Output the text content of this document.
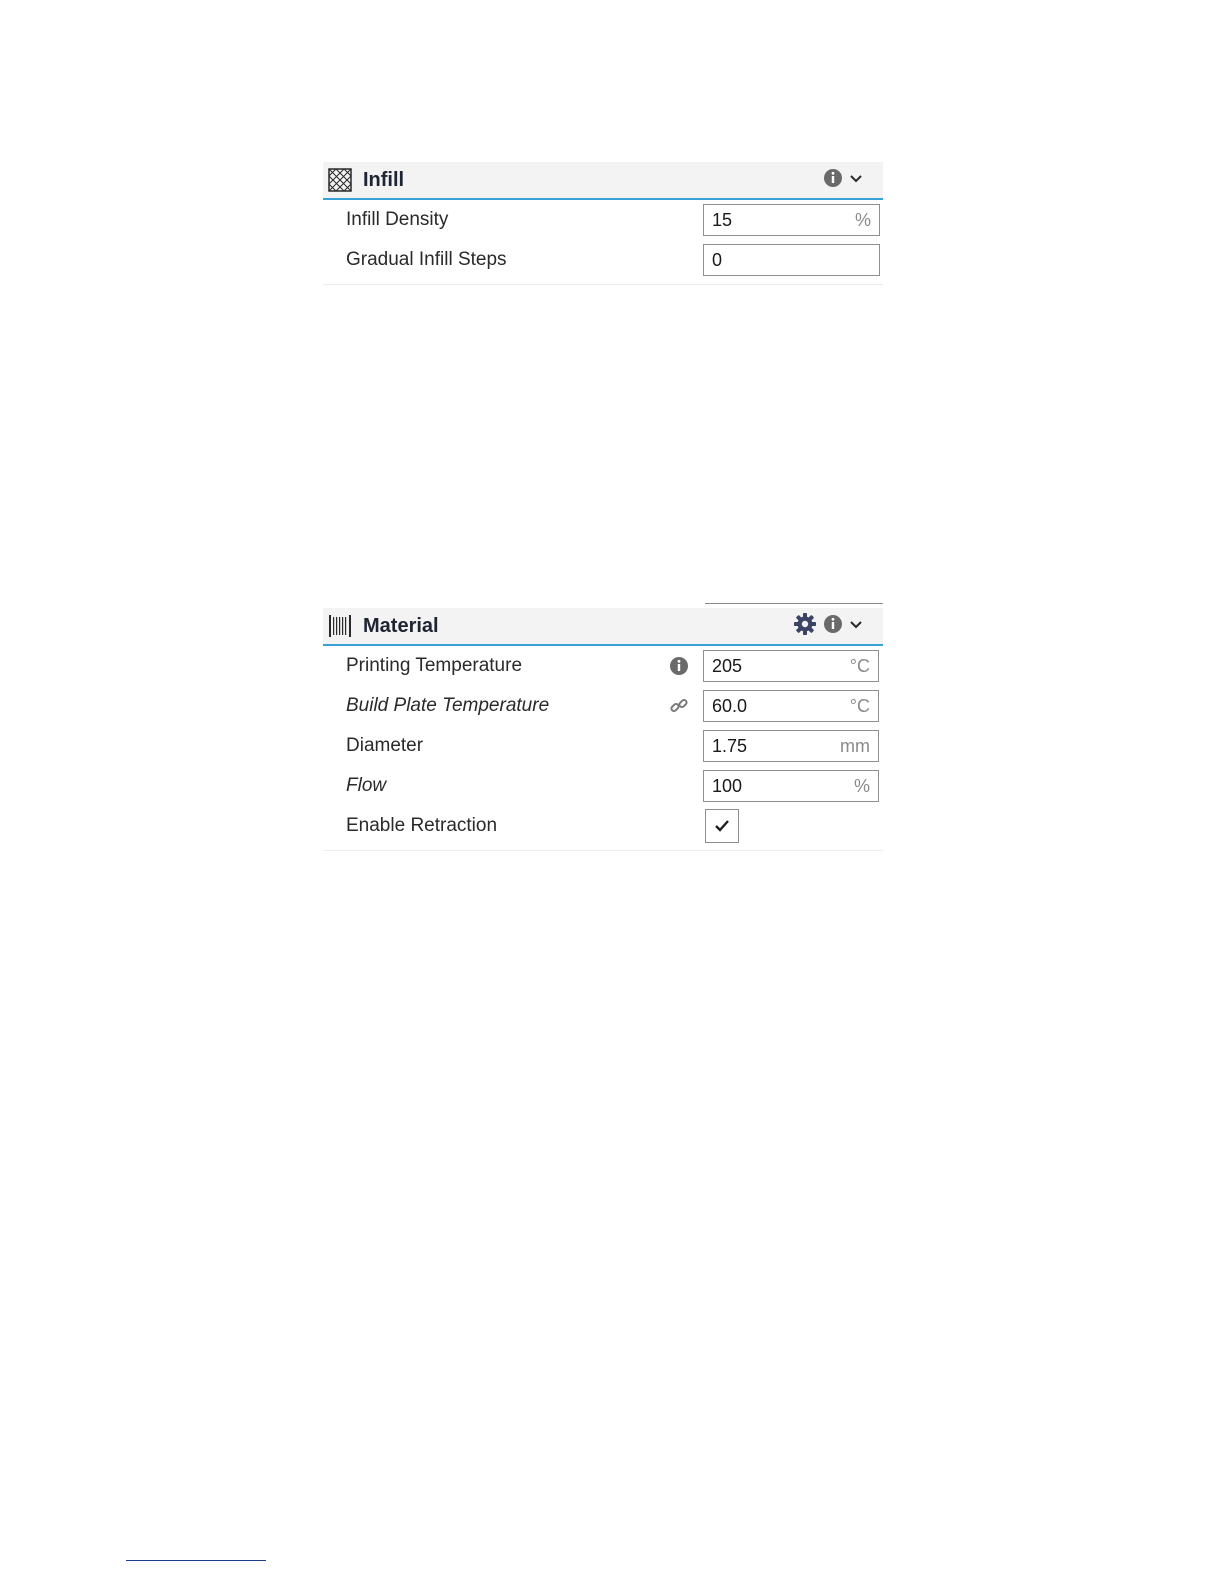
Infill
Infill Density	15	%
Gradual Infill Steps	0
Material
Printing Temperature	205	°C
Build Plate Temperature	60.0	°C
Diameter	1.75	mm
Flow	100	%
Enable Retraction
